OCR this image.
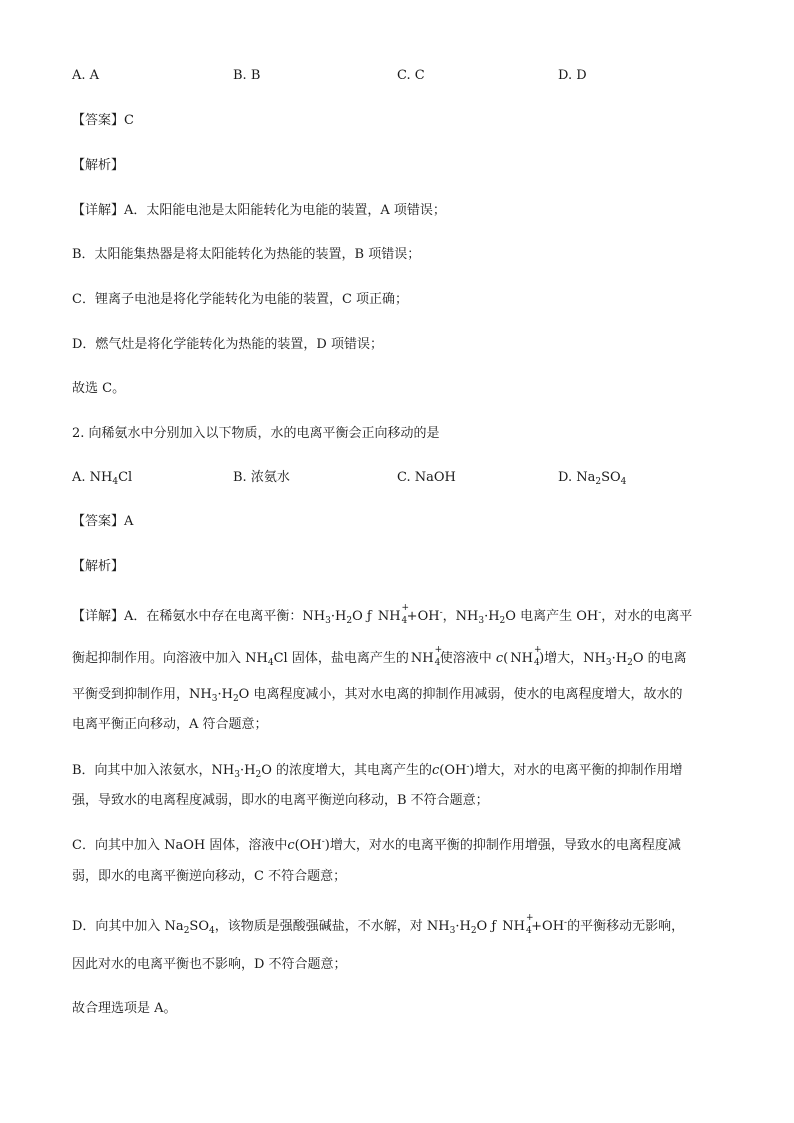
A. A	B. B	C. C	D. D
【答案】C
【解析】
【详解】A．太阳能电池是太阳能转化为电能的装置，A 项错误；
B．太阳能集热器是将太阳能转化为热能的装置，B 项错误；
C．锂离子电池是将化学能转化为电能的装置，C 项正确；
D．燃气灶是将化学能转化为热能的装置，D 项错误；
故选 C。
2. 向稀氨水中分别加入以下物质，水的电离平衡会正向移动的是
A. $NH_4Cl$	B. 浓氨水	C. NaOH	D. $Na_2SO_4$
【答案】A
【解析】
【详解】A．在稀氨水中存在电离平衡：$NH_3\cdot H_2O$ ƒ NH
+
4 +OH-，$NH_3\cdot H_2O$ 电离产生 OH-，对水的电离平
衡起抑制作用。向溶液中加入 $NH_4Cl$ 固体，盐电离产生的 NH
+
4 使溶液中 c( NH
+
4 )增大，$NH_3\cdot H_2O$ 的电离
平衡受到抑制作用，$NH_3\cdot H_2O$ 电离程度减小，其对水电离的抑制作用减弱，使水的电离程度增大，故水的
电离平衡正向移动，A 符合题意；
B．向其中加入浓氨水，$NH_3\cdot H_2O$ 的浓度增大，其电离产生的c(OH-)增大，对水的电离平衡的抑制作用增
强，导致水的电离程度减弱，即水的电离平衡逆向移动，B 不符合题意；
C．向其中加入 NaOH 固体，溶液中c(OH-)增大，对水的电离平衡的抑制作用增强，导致水的电离程度减
弱，即水的电离平衡逆向移动，C 不符合题意；
D．向其中加入 $Na_2SO_4$，该物质是强酸强碱盐，不水解，对 $NH_3\cdot H_2O$ ƒ NH
+
4 +OH-的平衡移动无影响，
因此对水的电离平衡也不影响，D 不符合题意；
故合理选项是 A。
